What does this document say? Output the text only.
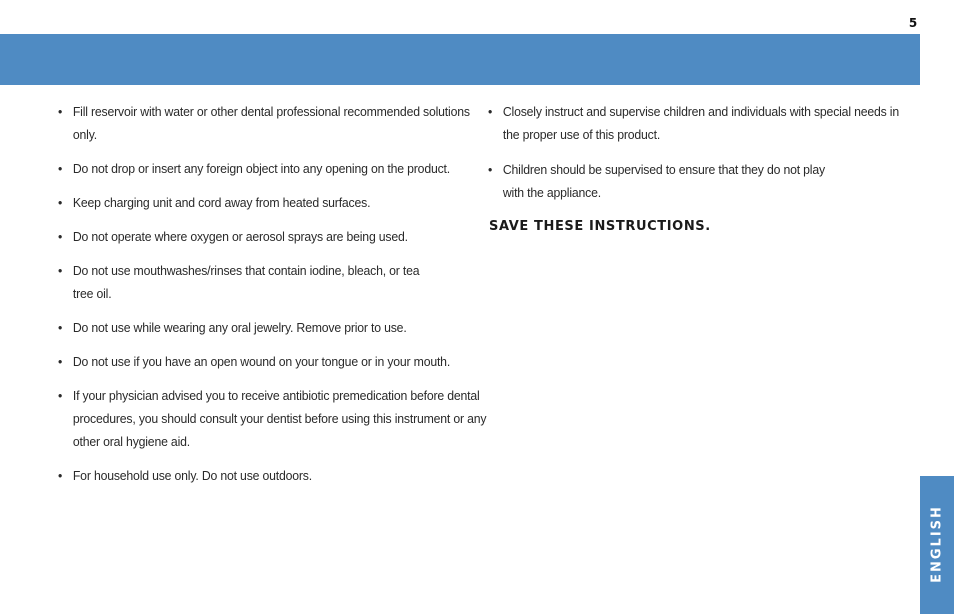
5
• Fill reservoir with water or other dental professional recommended solutions only.
• Do not drop or insert any foreign object into any opening on the product.
• Keep charging unit and cord away from heated surfaces.
• Do not operate where oxygen or aerosol sprays are being used.
• Do not use mouthwashes/rinses that contain iodine, bleach, or tea tree oil.
• Do not use while wearing any oral jewelry. Remove prior to use.
• Do not use if you have an open wound on your tongue or in your mouth.
• If your physician advised you to receive antibiotic premedication before dental procedures, you should consult your dentist before using this instrument or any other oral hygiene aid.
• For household use only. Do not use outdoors.
• Closely instruct and supervise children and individuals with special needs in the proper use of this product.
• Children should be supervised to ensure that they do not play with the appliance.
SAVE THESE INSTRUCTIONS.
ENGLISH
